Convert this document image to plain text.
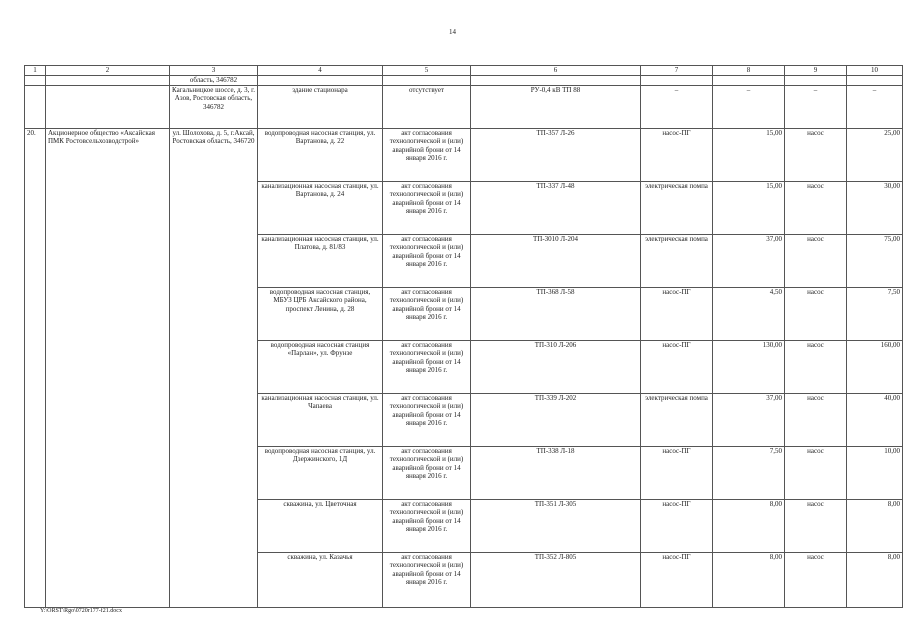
14
1	2	3	4	5	6	7	8	9	10
		область, 346782							
		Кагальницкое шоссе, д. 3, г. Азов, Ростовская область, 346782	здание стационара	отсутствует	РУ-0,4 кВ ТП 88	–	–	–	–
20.	Акционерное общество «Аксайская ПМК Ростовсельхозводстрой»	ул. Шолохова, д. 5, г.Аксай, Ростовская область, 346720	водопроводная насосная станция, ул. Вартанова, д. 22	акт согласования технологической и (или) аварийной брони от 14 января 2016 г.	ТП-357 Л-26	насос-ПГ	15,00	насос	25,00
			канализационная насосная станция, ул. Вартанова, д. 24	акт согласования технологической и (или) аварийной брони от 14 января 2016 г.	ТП-337 Л-48	электрическая помпа	15,00	насос	30,00
			канализационная насосная станция, ул. Платова, д. 81/83	акт согласования технологической и (или) аварийной брони от 14 января 2016 г.	ТП-3010 Л-204	электрическая помпа	37,00	насос	75,00
			водопроводная насосная станция, МБУЗ ЦРБ Аксайского района, проспект Ленина, д. 28	акт согласования технологической и (или) аварийной брони от 14 января 2016 г.	ТП-368 Л-58	насос-ПГ	4,50	насос	7,50
			водопроводная насосная станция «Парлан», ул. Фрунзе	акт согласования технологической и (или) аварийной брони от 14 января 2016 г.	ТП-310 Л-206	насос-ПГ	130,00	насос	160,00
			канализационная насосная станция, ул. Чапаева	акт согласования технологической и (или) аварийной брони от 14 января 2016 г.	ТП-339 Л-202	электрическая помпа	37,00	насос	40,00
			водопроводная насосная станция, ул. Дзержинского, 1Д	акт согласования технологической и (или) аварийной брони от 14 января 2016 г.	ТП-338 Л-18	насос-ПГ	7,50	насос	10,00
			скважина, ул. Цветочная	акт согласования технологической и (или) аварийной брони от 14 января 2016 г.	ТП-351 Л-305	насос-ПГ	8,00	насос	8,00
			скважина, ул. Казачья	акт согласования технологической и (или) аварийной брони от 14 января 2016 г.	ТП-352 Л-805	насос-ПГ	8,00	насос	8,00
Y:\ORST\Rgo\0720r177-f21.docx
